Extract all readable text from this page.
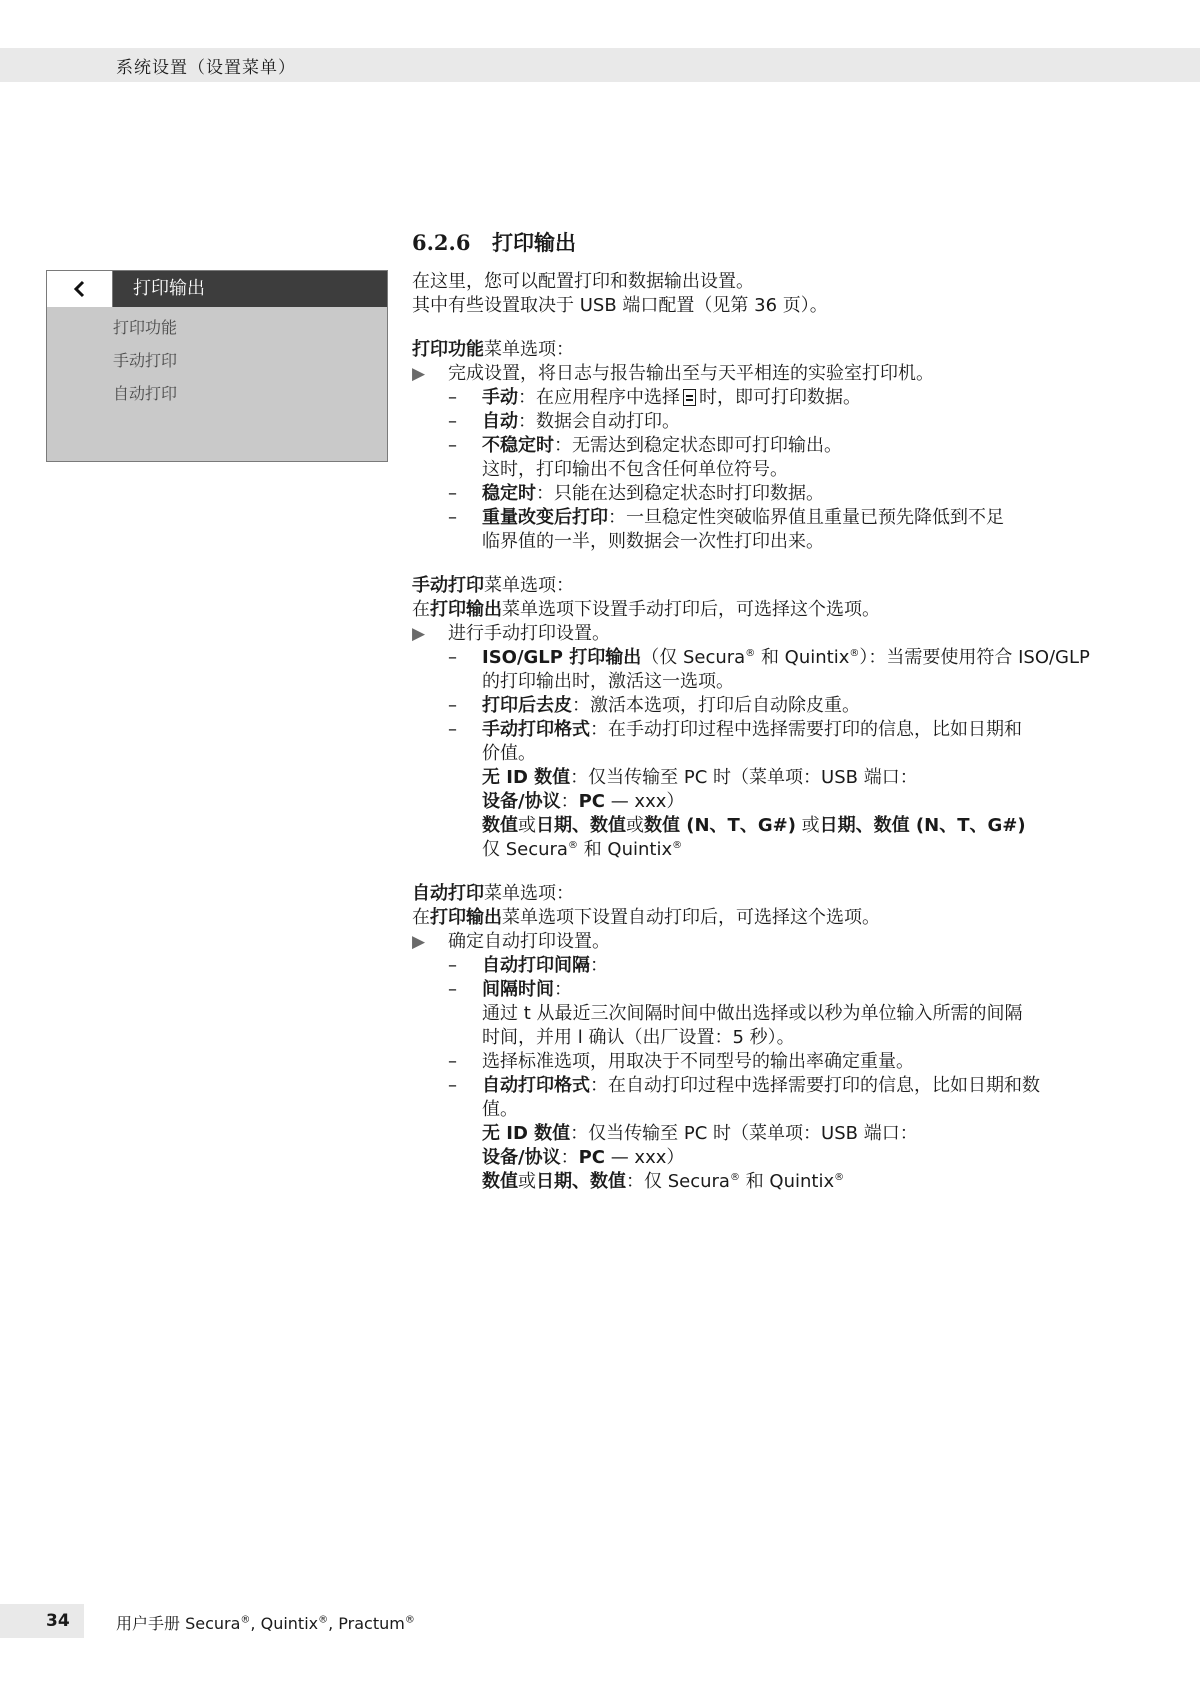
系统设置（设置菜单）
打印输出
打印功能
手动打印
自动打印
6.2.6 打印输出

在这里，您可以配置打印和数据输出设置。

其中有些设置取决于 USB 端口配置（见第 36 页）。

打印功能菜单选项：

▶ 完成设置，将日志与报告输出至与天平相连的实验室打印机。
– 手动：在应用程序中选择 时，即可打印数据。
– 自动：数据会自动打印。
– 不稳定时：无需达到稳定状态即可打印输出。
这时，打印输出不包含任何单位符号。
– 稳定时：只能在达到稳定状态时打印数据。
– 重量改变后打印：一旦稳定性突破临界值且重量已预先降低到不足
临界值的一半，则数据会一次性打印出来。

手动打印菜单选项：

在打印输出菜单选项下设置手动打印后，可选择这个选项。

▶ 进行手动打印设置。
– ISO/GLP 打印输出（仅 Secura® 和 Quintix®）：当需要使用符合 ISO/GLP
的打印输出时，激活这一选项。
– 打印后去皮：激活本选项，打印后自动除皮重。
– 手动打印格式：在手动打印过程中选择需要打印的信息，比如日期和
价值。
无 ID 数值：仅当传输至 PC 时（菜单项：USB 端口：
设备/协议：PC — xxx）
数值或日期、数值或数值 (N、T、G#) 或日期、数值 (N、T、G#)
仅 Secura® 和 Quintix®

自动打印菜单选项：

在打印输出菜单选项下设置自动打印后，可选择这个选项。

▶ 确定自动打印设置。
– 自动打印间隔：
– 间隔时间：
通过 t 从最近三次间隔时间中做出选择或以秒为单位输入所需的间隔
时间，并用 l 确认（出厂设置：5 秒）。
– 选择标准选项，用取决于不同型号的输出率确定重量。
– 自动打印格式：在自动打印过程中选择需要打印的信息，比如日期和数
值。
无 ID 数值：仅当传输至 PC 时（菜单项：USB 端口：
设备/协议：PC — xxx）
数值或日期、数值：仅 Secura® 和 Quintix®
34	用户手册 Secura®, Quintix®, Practum®
